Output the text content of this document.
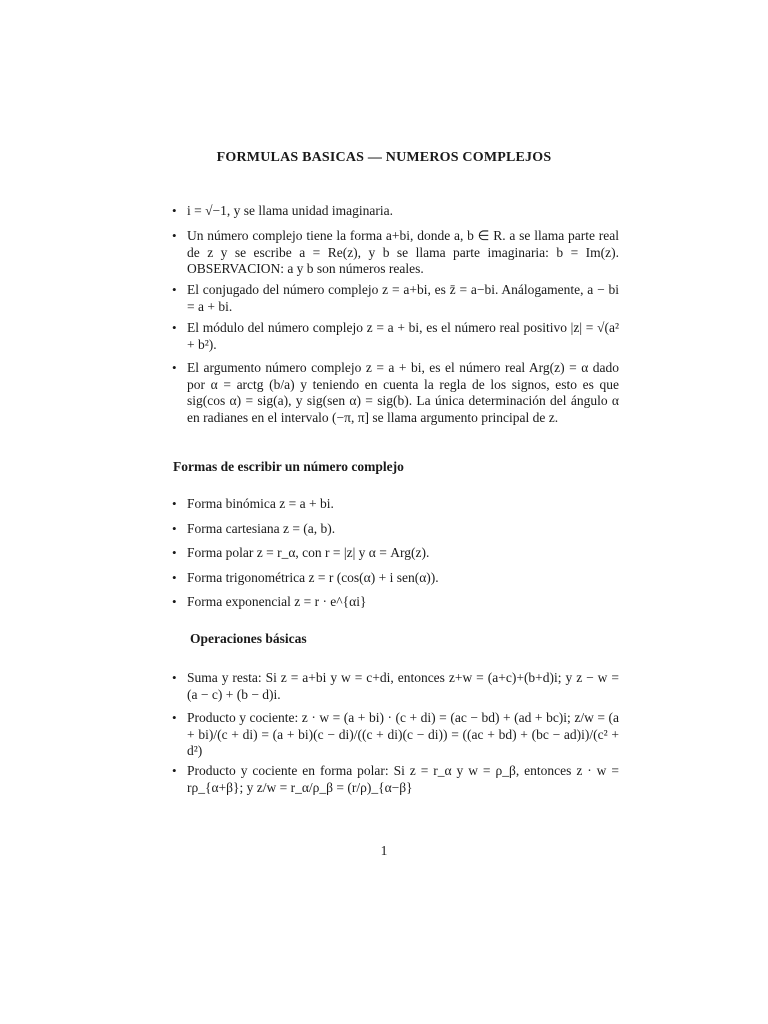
FORMULAS BASICAS — NUMEROS COMPLEJOS
• i = √−1, y se llama unidad imaginaria.
• Un número complejo tiene la forma a+bi, donde a, b ∈ R. a se llama parte real de z y se escribe a = Re(z), y b se llama parte imaginaria: b = Im(z). OBSERVACION: a y b son números reales.
• El conjugado del número complejo z = a+bi, es z̄ = a−bi. Análogamente, a − bi = a + bi.
• El módulo del número complejo z = a + bi, es el número real positivo |z| = √(a² + b²).
• El argumento número complejo z = a + bi, es el número real Arg(z) = α dado por α = arctg (b/a) y teniendo en cuenta la regla de los signos, esto es que sig(cos α) = sig(a), y sig(sen α) = sig(b). La única determinación del ángulo α en radianes en el intervalo (−π, π] se llama argumento principal de z.
Formas de escribir un número complejo
• Forma binómica z = a + bi.
• Forma cartesiana z = (a, b).
• Forma polar z = r_α, con r = |z| y α = Arg(z).
• Forma trigonométrica z = r (cos(α) + i sen(α)).
• Forma exponencial z = r · e^{αi}
Operaciones básicas
• Suma y resta: Si z = a+bi y w = c+di, entonces z+w = (a+c)+(b+d)i; y z − w = (a − c) + (b − d)i.
• Producto y cociente: z · w = (a + bi) · (c + di) = (ac − bd) + (ad + bc)i; z/w = (a + bi)/(c + di) = (a + bi)(c − di)/((c + di)(c − di)) = ((ac + bd) + (bc − ad)i)/(c² + d²)
• Producto y cociente en forma polar: Si z = r_α y w = ρ_β, entonces z · w = rρ_{α+β}; y z/w = r_α/ρ_β = (r/ρ)_{α−β}
1
